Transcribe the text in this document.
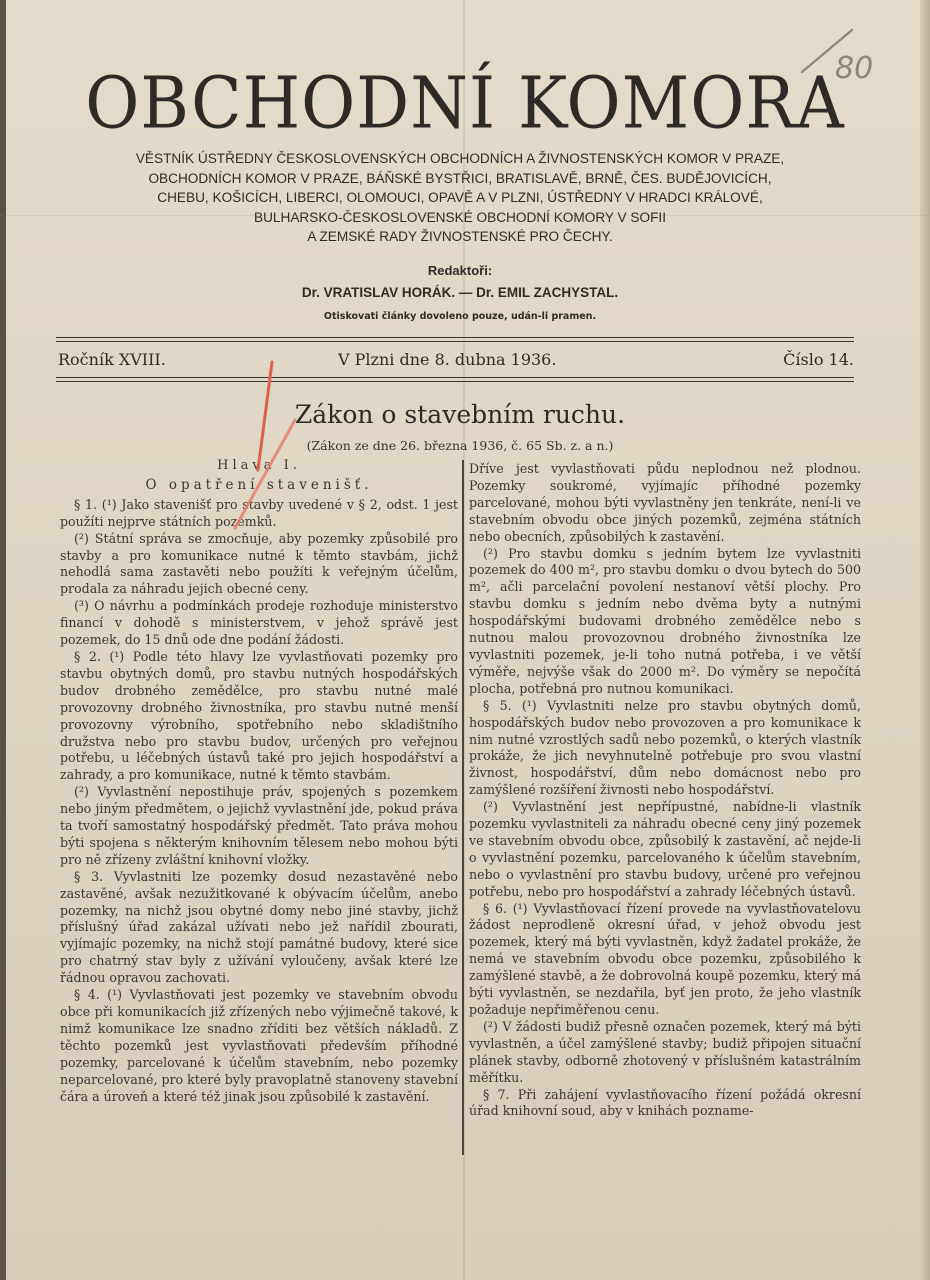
80
OBCHODNÍ KOMORA
VĚSTNÍK ÚSTŘEDNY ČESKOSLOVENSKÝCH OBCHODNÍCH A ŽIVNOSTENSKÝCH KOMOR V PRAZE,
OBCHODNÍCH KOMOR V PRAZE, BÁŇSKÉ BYSTŘICI, BRATISLAVĚ, BRNĚ, ČES. BUDĚJOVICÍCH,
CHEBU, KOŠICÍCH, LIBERCI, OLOMOUCI, OPAVĚ A V PLZNI, ÚSTŘEDNY V HRADCI KRÁLOVÉ,
BULHARSKO-ČESKOSLOVENSKÉ OBCHODNÍ KOMORY V SOFII
A ZEMSKÉ RADY ŽIVNOSTENSKÉ PRO ČECHY.
Redaktoři:
Dr. VRATISLAV HORÁK. — Dr. EMIL ZACHYSTAL.
Otiskovati články dovoleno pouze, udán-li pramen.
Ročník XVIII.	V Plzni dne 8. dubna 1936.	Číslo 14.
Zákon o stavebním ruchu.
(Zákon ze dne 26. března 1936, č. 65 Sb. z. a n.)
Hlava I.
O opatření stavenišť.

§ 1. (¹) Jako stavenišť pro stavby uvedené v § 2, odst. 1 jest použíti nejprve státních pozemků.

(²) Státní správa se zmocňuje, aby pozemky způsobilé pro stavby a pro komunikace nutné k těmto stavbám, jichž nehodlá sama zastavěti nebo použíti k veřejným účelům, prodala za náhradu jejich obecné ceny.

(³) O návrhu a podmínkách prodeje rozhoduje ministerstvo financí v dohodě s ministerstvem, v jehož správě jest pozemek, do 15 dnů ode dne podání žádosti.

§ 2. (¹) Podle této hlavy lze vyvlastňovati pozemky pro stavbu obytných domů, pro stavbu nutných hospodářských budov drobného zemědělce, pro stavbu nutné malé provozovny drobného živnostníka, pro stavbu nutné menší provozovny výrobního, spotřebního nebo skladištního družstva nebo pro stavbu budov, určených pro veřejnou potřebu, u léčebných ústavů také pro jejich hospodářství a zahrady, a pro komunikace, nutné k těmto stavbám.

(²) Vyvlastnění nepostihuje práv, spojených s pozemkem nebo jiným předmětem, o jejichž vyvlastnění jde, pokud práva ta tvoří samostatný hospodářský předmět. Tato práva mohou býti spojena s některým knihovním tělesem nebo mohou býti pro ně zřízeny zvláštní knihovní vložky.

§ 3. Vyvlastniti lze pozemky dosud nezastavěné nebo zastavěné, avšak nezužitkované k obývacím účelům, anebo pozemky, na nichž jsou obytné domy nebo jiné stavby, jichž příslušný úřad zakázal užívati nebo jež nařídil zbourati, vyjímajíc pozemky, na nichž stojí památné budovy, které sice pro chatrný stav byly z užívání vyloučeny, avšak které lze řádnou opravou zachovati.

§ 4. (¹) Vyvlastňovati jest pozemky ve stavebním obvodu obce při komunikacích již zřízených nebo výjimečně takové, k nimž komunikace lze snadno zříditi bez větších nákladů. Z těchto pozemků jest vyvlastňovati především příhodné pozemky, parcelované k účelům stavebním, nebo pozemky neparcelované, pro které byly pravoplatně stanoveny stavební čára a úroveň a které též jinak jsou způsobilé k zastavění.

Dříve jest vyvlastňovati půdu neplodnou než plodnou. Pozemky soukromé, vyjímajíc příhodné pozemky parcelované, mohou býti vyvlastněny jen tenkráte, není-li ve stavebním obvodu obce jiných pozemků, zejména státních nebo obecních, způsobilých k zastavění.

(²) Pro stavbu domku s jedním bytem lze vyvlastniti pozemek do 400 m², pro stavbu domku o dvou bytech do 500 m², ačli parcelační povolení nestanoví větší plochy. Pro stavbu domku s jedním nebo dvěma byty a nutnými hospodářskými budovami drobného zemědělce nebo s nutnou malou provozovnou drobného živnostníka lze vyvlastniti pozemek, je-li toho nutná potřeba, i ve větší výměře, nejvýše však do 2000 m². Do výměry se nepočítá plocha, potřebná pro nutnou komunikaci.

§ 5. (¹) Vyvlastniti nelze pro stavbu obytných domů, hospodářských budov nebo provozoven a pro komunikace k nim nutné vzrostlých sadů nebo pozemků, o kterých vlastník prokáže, že jich nevyhnutelně potřebuje pro svou vlastní živnost, hospodářství, dům nebo domácnost nebo pro zamýšlené rozšíření živnosti nebo hospodářství.

(²) Vyvlastnění jest nepřípustné, nabídne-li vlastník pozemku vyvlastniteli za náhradu obecné ceny jiný pozemek ve stavebním obvodu obce, způsobilý k zastavění, ač nejde-li o vyvlastnění pozemku, parcelovaného k účelům stavebním, nebo o vyvlastnění pro stavbu budovy, určené pro veřejnou potřebu, nebo pro hospodářství a zahrady léčebných ústavů.

§ 6. (¹) Vyvlastňovací řízení provede na vyvlastňovatelovu žádost neprodleně okresní úřad, v jehož obvodu jest pozemek, který má býti vyvlastněn, když žadatel prokáže, že nemá ve stavebním obvodu obce pozemku, způsobilého k zamýšlené stavbě, a že dobrovolná koupě pozemku, který má býti vyvlastněn, se nezdařila, byť jen proto, že jeho vlastník požaduje nepřiměřenou cenu.

(²) V žádosti budiž přesně označen pozemek, který má býti vyvlastněn, a účel zamýšlené stavby; budiž připojen situační plánek stavby, odborně zhotovený v příslušném katastrálním měřítku.

§ 7. Při zahájení vyvlastňovacího řízení požádá okresní úřad knihovní soud, aby v knihách pozname-
